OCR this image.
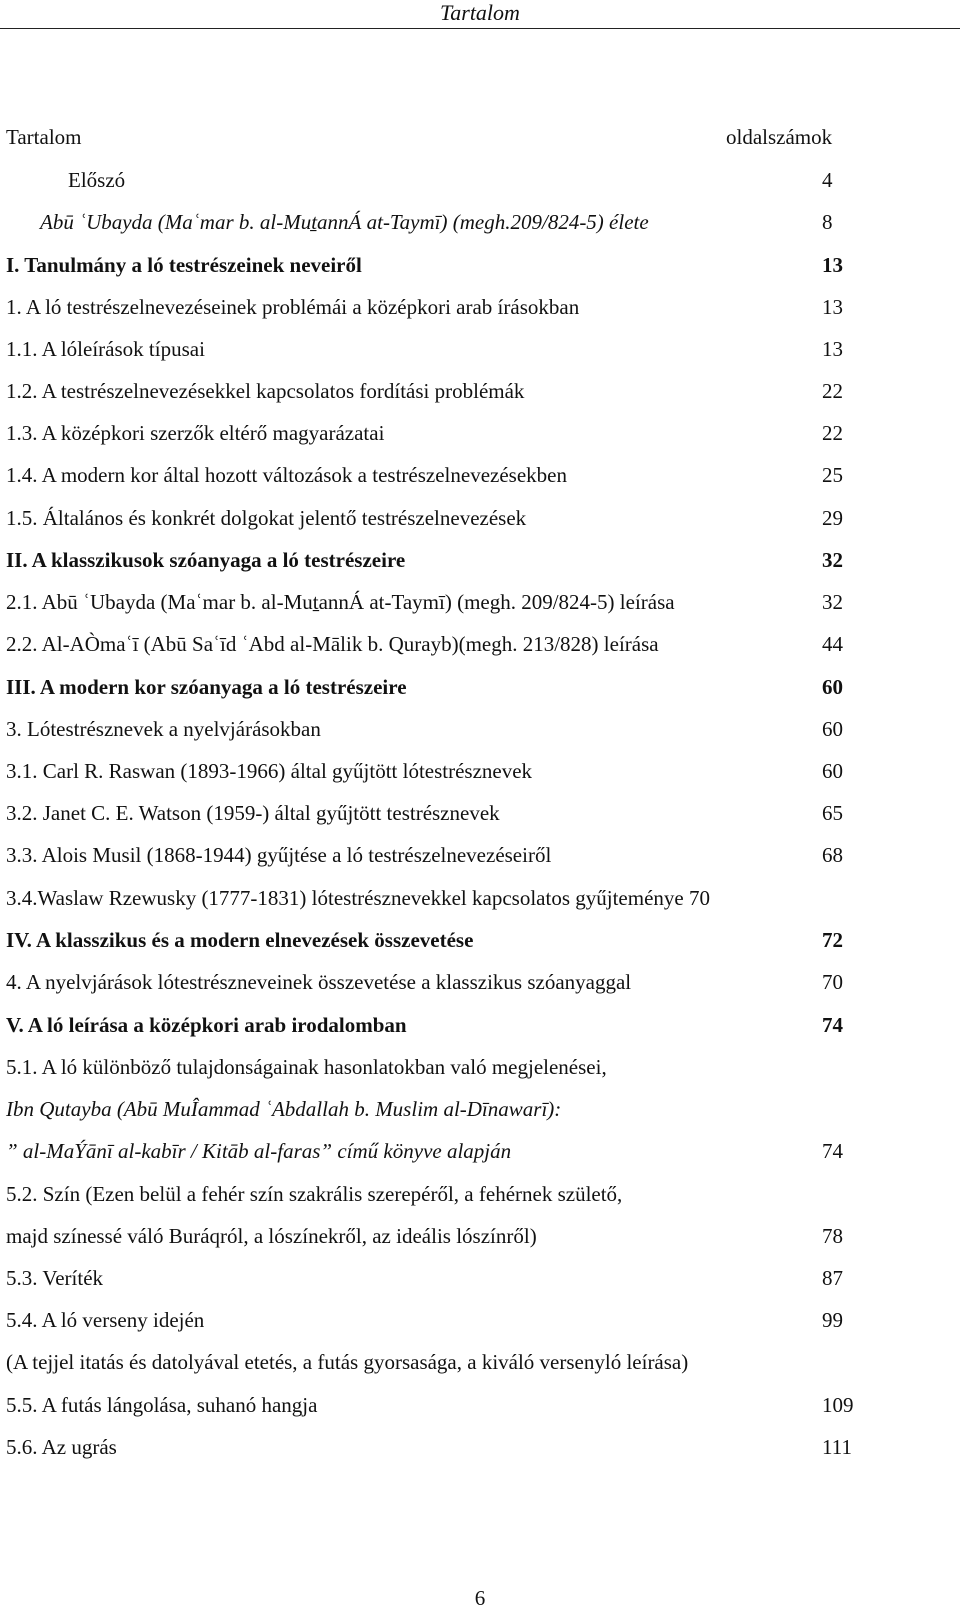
Tartalom
Tartalom	oldalszámok
Előszó	4
Abū ʿUbayda (Maʿmar b. al-MuṯannÁ at-Taymī) (megh.209/824-5) élete	8
I. Tanulmány a ló testrészeinek neveiről	13
1. A ló testrészelnevezéseinek problémái a középkori arab írásokban	13
1.1. A lóleírások típusai	13
1.2. A testrészelnevezésekkel kapcsolatos fordítási problémák	22
1.3. A középkori szerzők eltérő magyarázatai	22
1.4. A modern kor által hozott változások a testrészelnevezésekben	25
1.5. Általános és konkrét dolgokat jelentő testrészelnevezések	29
II. A klasszikusok szóanyaga a ló testrészeire	32
2.1. Abū ʿUbayda (Maʿmar b. al-MuṯannÁ at-Taymī) (megh. 209/824-5) leírása	32
2.2. Al-AÒmaʿī (Abū Saʿīd ʿAbd al-Mālik b. Qurayb)(megh. 213/828) leírása	44
III. A modern kor szóanyaga a ló testrészeire	60
3. Lótestrésznevek a nyelvjárásokban	60
3.1. Carl R. Raswan (1893-1966) által gyűjtött lótestrésznevek	60
3.2. Janet C. E. Watson (1959-) által gyűjtött testrésznevek	65
3.3. Alois Musil (1868-1944) gyűjtése a ló testrészelnevezéseiről	68
3.4.Waslaw Rzewusky (1777-1831) lótestrésznevekkel kapcsolatos gyűjteménye 70
IV. A klasszikus és a modern elnevezések összevetése	72
4. A nyelvjárások lótestrészneveinek összevetése a klasszikus szóanyaggal	70
V. A ló leírása a középkori arab irodalomban	74
5.1. A ló különböző tulajdonságainak hasonlatokban való megjelenései,
Ibn Qutayba (Abū MuÎammad ʿAbdallah b. Muslim al-Dīnawarī):
” al-MaÝānī al-kabīr / Kitāb al-faras” című könyve alapján	74
5.2. Szín (Ezen belül a fehér szín szakrális szerepéről, a fehérnek születő,
majd színessé váló Buráqról, a lószínekről, az ideális lószínről)	78
5.3. Veríték	87
5.4. A ló verseny idején	99
(A tejjel itatás és datolyával etetés, a futás gyorsasága, a kiváló versenyló leírása)
5.5. A futás lángolása, suhanó hangja	109
5.6. Az ugrás	111
6
